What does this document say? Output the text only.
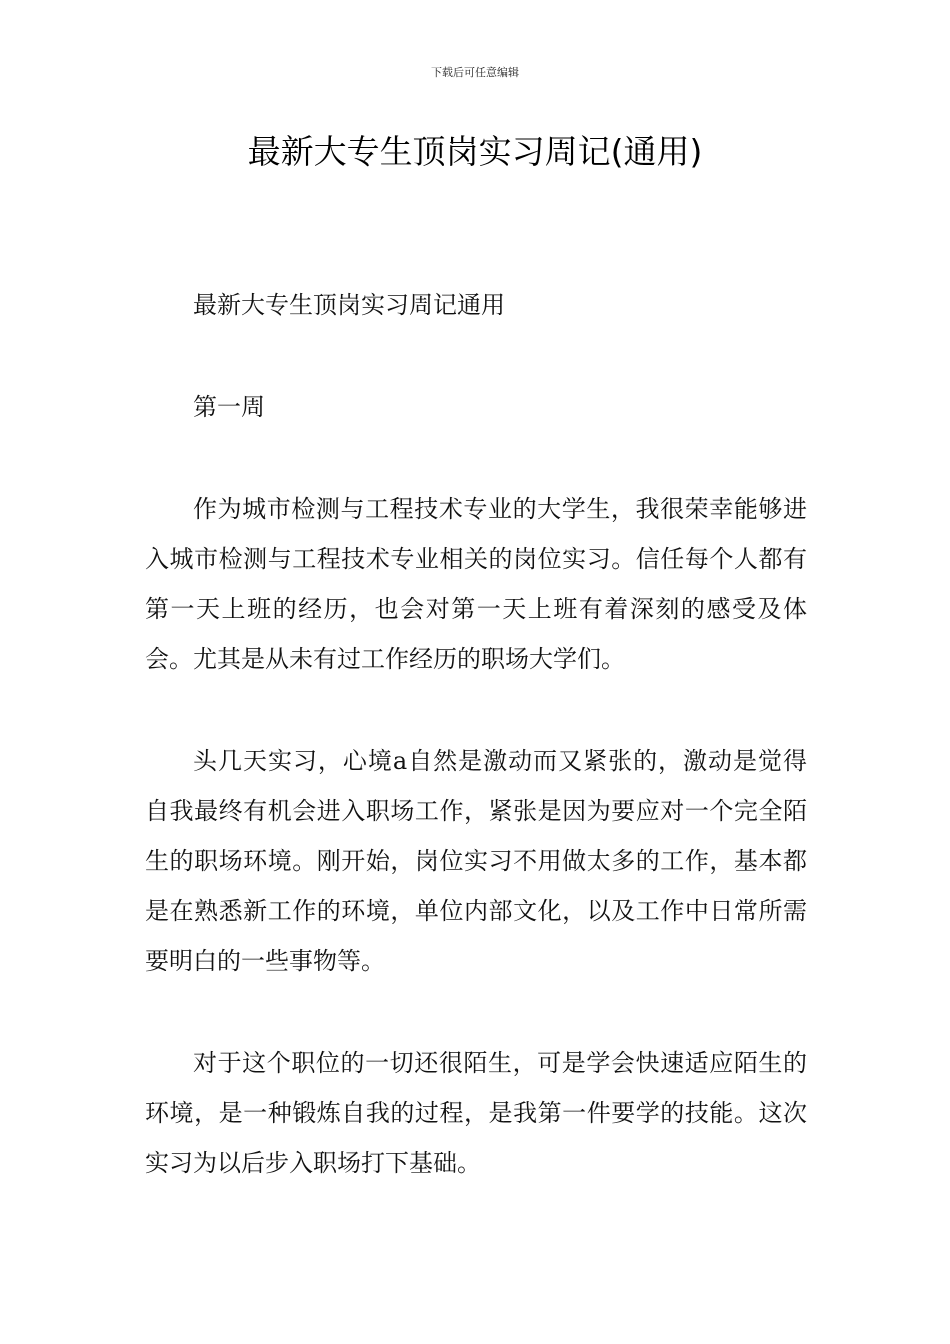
下载后可任意编辑
最新大专生顶岗实习周记(通用)

最新大专生顶岗实习周记通用

第一周

作为城市检测与工程技术专业的大学生，我很荣幸能够进入城市检测与工程技术专业相关的岗位实习。信任每个人都有第一天上班的经历，也会对第一天上班有着深刻的感受及体会。尤其是从未有过工作经历的职场大学们。

头几天实习，心境a自然是激动而又紧张的，激动是觉得自我最终有机会进入职场工作，紧张是因为要应对一个完全陌生的职场环境。刚开始，岗位实习不用做太多的工作，基本都是在熟悉新工作的环境，单位内部文化，以及工作中日常所需要明白的一些事物等。

对于这个职位的一切还很陌生，可是学会快速适应陌生的环境，是一种锻炼自我的过程，是我第一件要学的技能。这次实习为以后步入职场打下基础。
